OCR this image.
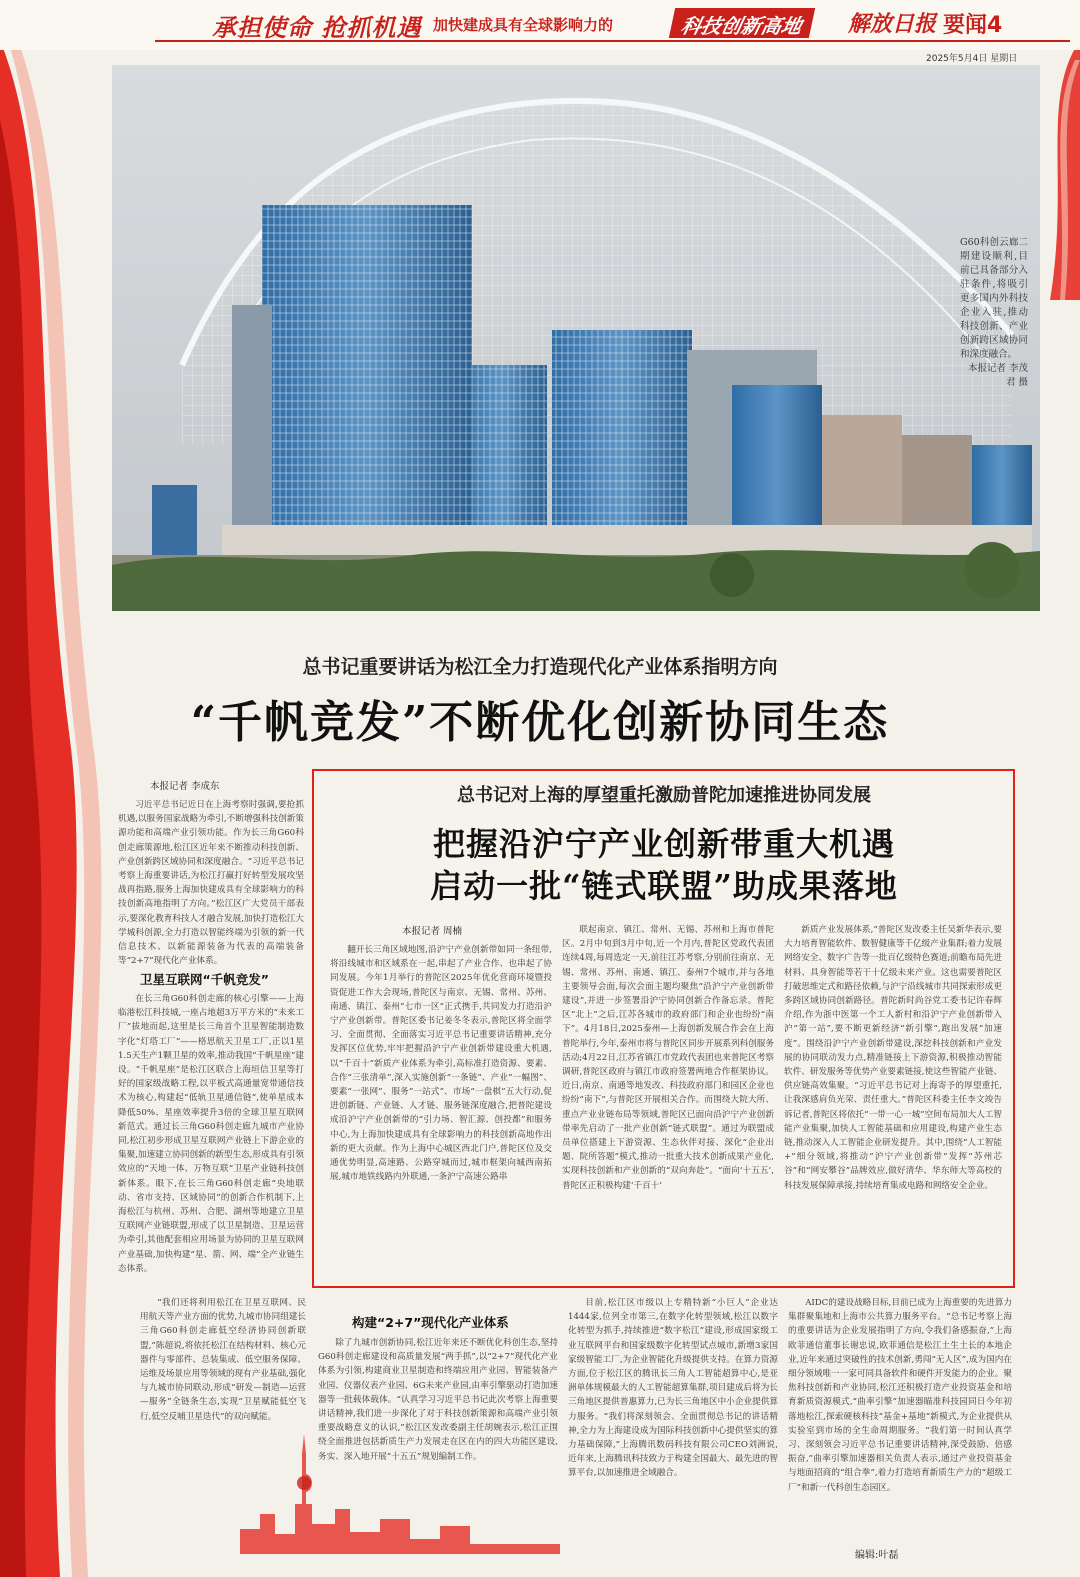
承担使命 抢抓机遇 加快建成具有全球影响力的	科技创新高地	解放日报 要闻4
2025年5月4日 星期日
G60科创云廊二期建设顺利,目前已具备部分入驻条件,将吸引更多国内外科技企业入驻,推动科技创新、产业创新跨区域协同和深度融合。
本报记者 李茂君 摄
总书记重要讲话为松江全力打造现代化产业体系指明方向
“千帆竞发”不断优化创新协同生态
本报记者 李成东

习近平总书记近日在上海考察时强调,要抢抓机遇,以服务国家战略为牵引,不断增强科技创新策源功能和高端产业引领功能。作为长三角G60科创走廊策源地,松江区近年来不断推动科技创新、产业创新跨区域协同和深度融合。“习近平总书记考察上海重要讲话,为松江打赢打好转型发展攻坚战再指路,服务上海加快建成具有全球影响力的科技创新高地指明了方向。”松江区广大党员干部表示,要深化教育科技人才融合发展,加快打造松江大学城科创源,全力打造以智能终端为引领的新一代信息技术、以新能源装备为代表的高端装备等“2+7”现代化产业体系。

卫星互联网“千帆竞发”

在长三角G60科创走廊的核心引擎——上海临港松江科技城,一座占地超3万平方米的“未来工厂”拔地而起,这里是长三角首个卫星智能制造数字化“灯塔工厂”——格思航天卫星工厂,正以1星1.5天生产1颗卫星的效率,推动我国“千帆星座”建设。“千帆星座”是松江区联合上海垣信卫星等打好的国家级战略工程,以平板式高通量宽带通信技术为核心,构建起“低轨卫星通信链”,使单星成本降低50%、星座效率提升3倍的全球卫星互联网新范式。通过长三角G60科创走廊九城市产业协同,松江初步形成卫星互联网产业链上下游企业的集聚,加速建立协同创新的新型生态,形成具有引领效应的“天地一体、万物互联”卫星产业链科技创新体系。眼下,在长三角G60科创走廊“央地联动、省市支持、区域协同”的创新合作机制下,上海松江与杭州、苏州、合肥、湖州等地建立卫星互联网产业链联盟,形成了以卫星制造、卫星运营为牵引,其他配套相应用场景为协同的卫星互联网产业基础,加快构建“星、箭、网、端”全产业链生态体系。

“我们还将利用松江在卫星互联网、民用航天等产业方面的优势,九城市协同组建长三角G60科创走廊低空经济协同创新联盟,”陈超说,将依托松江在结构材料、核心元器件与零部件、总装集成、低空服务保障、运维及场景应用等领域的现有产业基础,强化与九城市协同联动,形成“研发—制造—运营—服务”全链条生态,实现“卫星赋能低空飞行,低空反哺卫星迭代”的双向赋能。

构建“2+7”现代化产业体系

除了九城市创新协同,松江近年来还不断优化科创生态,坚持G60科创走廊建设和高质量发展“两手抓”,以“2+7”现代化产业体系为引领,构建商业卫星制造和终端应用产业园、智能装备产业园、仪器仪表产业园、6G未来产业园,由率引擎驱动打造加速器等一批载体载体。“认真学习习近平总书记此次考察上海重要讲话精神,我们进一步深化了对于科技创新策源和高端产业引领重要战略意义的认识,”松江区发改委副主任胡婉表示,松江正围绕全面推进包括新质生产力发展走在区在内的四大功能区建设,务实、深入地开展“十五五”规划编制工作。

目前,松江区市级以上专精特新“小巨人”企业达1444家,位列全市第三,在数字化转型领域,松江以数字化转型为抓手,持续推进“数字松江”建设,形成国家级工业互联网平台和国家级数字化转型试点城市,新增3家国家级智能工厂,为企业智能化升级提供支持。在算力资源方面,位于松江区的腾讯长三角人工智能超算中心,是亚洲单体规模最大的人工智能超算集群,项目建成后将为长三角地区提供普惠算力,已为长三角地区中小企业提供算力服务。“我们将深刻领会、全面贯彻总书记的讲话精神,全力为上海建设成为国际科技创新中心提供坚实的算力基础保障,”上海腾讯数码科技有限公司CEO刘洲说,近年来,上海腾讯科技致力于构建全国最大、最先进的智算平台,以加速推进全域融合。

AIDC的建设战略目标,目前已成为上海重要的先进算力集群聚集地和上海市公共算力服务平台。“总书记考察上海的重要讲话为企业发展指明了方向,令我们备感振奋,”上海欧菲通信董事长谢忠说,欧菲通信是松江土生土长的本地企业,近年来通过突破性的技术创新,勇闯“无人区”,成为国内在细分领域唯一一家可同具备软件和硬件开发能力的企业。聚焦科技创新和产业协同,松江还积极打造产业投资基金和培育新质资源模式,“曲率引擎”加速器瞄准科技园同日今年初落地松江,探索硬核科技“基金+基地”新模式,为企业提供从实验室到市场的全生命周期服务。“我们第一时间认真学习、深刻领会习近平总书记重要讲话精神,深受鼓励、倍感振奋,”曲率引擎加速器相关负责人表示,通过产业投资基金与地面招商的“组合拳”,着力打造培育新质生产力的“超级工厂”和新一代科创生态园区。

总书记对上海的厚望重托激励普陀加速推进协同发展
把握沿沪宁产业创新带重大机遇
启动一批“链式联盟”助成果落地
本报记者 周楠

翻开长三角区域地图,沿沪宁产业创新带如同一条纽带,将沿线城市和区域系在一起,串起了产业合作、也串起了协同发展。今年1月举行的普陀区2025年优化营商环境暨投资促进工作大会现场,普陀区与南京、无锡、常州、苏州、南通、镇江、泰州“七市一区”正式携手,共同发力打造沿沪宁产业创新带。普陀区委书记姜冬冬表示,普陀区将全面学习、全面贯彻、全面落实习近平总书记重要讲话精神,充分发挥区位优势,牢牢把握沿沪宁产业创新带建设重大机遇,以“千百十”新质产业体系为牵引,高标准打造资源、要素、合作“三张清单”,深入实施创新“一条链”、产业“一幅图”、要素“一张网”、服务“一站式”、市场“一盘棋”五大行动,促进创新链、产业链、人才链、服务链深度融合,把普陀建设成沿沪宁产业创新带的“引力场、智汇源、创投都”和服务中心,为上海加快建成具有全球影响力的科技创新高地作出新的更大贡献。作为上海中心城区西北门户,普陀区位及交通优势明显,高速路、公路穿城而过,城市框架向城西南拓展,城市地铁线路内外联通,一条沪宁高速公路串

联起南京、镇江、常州、无锡、苏州和上海市普陀区。2月中旬到3月中旬,近一个月内,普陀区党政代表团连续4周,每周选定一天,前往江苏考察,分别前往南京、无锡、常州、苏州、南通、镇江、泰州7个城市,并与各地主要领导会面,每次会面主题均聚焦“沿沪宁产业创新带建设”,并进一步签署沿沪宁协同创新合作备忘录。普陀区“北上”之后,江苏各城市的政府部门和企业也纷纷“南下”。4月18日,2025泰州—上海创新发展合作会在上海普陀举行,今年,泰州市将与普陀区同步开展系列科创服务活动;4月22日,江苏省镇江市党政代表团也来普陀区考察调研,普陀区政府与镇江市政府签署两地合作框架协议。近日,南京、南通等地发改、科技政府部门和园区企业也纷纷“南下”,与普陀区开展相关合作。而围绕大院大所、重点产业业链布局等领域,普陀区已面向沿沪宁产业创新带率先启动了一批产业创新“链式联盟”。通过为联盟成员单位搭建上下游资源、生态伙伴对接、深化“企业出题、院所答题”模式,推动一批重大技术创新成果产业化,实现科技创新和产业创新的“双向奔赴”。“面向‘十五五’,普陀区正积极构建‘千百十’

新质产业发展体系,”普陀区发改委主任吴新华表示,要大力培育智能软件、数智健康等千亿级产业集群;着力发展网络安全、数字广告等一批百亿级特色赛道;前瞻布局先进材料、具身智能等若干十亿级未来产业。这也需要普陀区打破思维定式和路径依赖,与沪宁沿线城市共同探索形成更多跨区域协同创新路径。普陀新时尚谷党工委书记许春辉介绍,作为浙中医第一个工人新村和沿沪宁产业创新带入沪“第一站”,要不断更新经济“新引擎”,跑出发展“加速度”。围绕沿沪宁产业创新带建设,深挖科技创新和产业发展的协同联动发力点,精准链接上下游资源,积极推动智能软件、研发服务等优势产业要素链接,使这些智能产业链、供应链高效集聚。“习近平总书记对上海寄予的厚望重托,让我深感肩负光荣、责任重大。”普陀区科委主任李文竣告诉记者,普陀区将依托“一带一心一城”空间布局加大人工智能产业集聚,加快人工智能基础和应用建设,构建产业生态链,推动深入人工智能企业研发提升。其中,围绕“人工智能+”细分领域,将推动“沪宁产业创新带”发挥“苏州芯谷”和“网安攀谷”品牌效应,做好清华、华东师大等高校的科技发展保障承接,持续培育集成电路和网络安全企业。

编辑:叶磊
